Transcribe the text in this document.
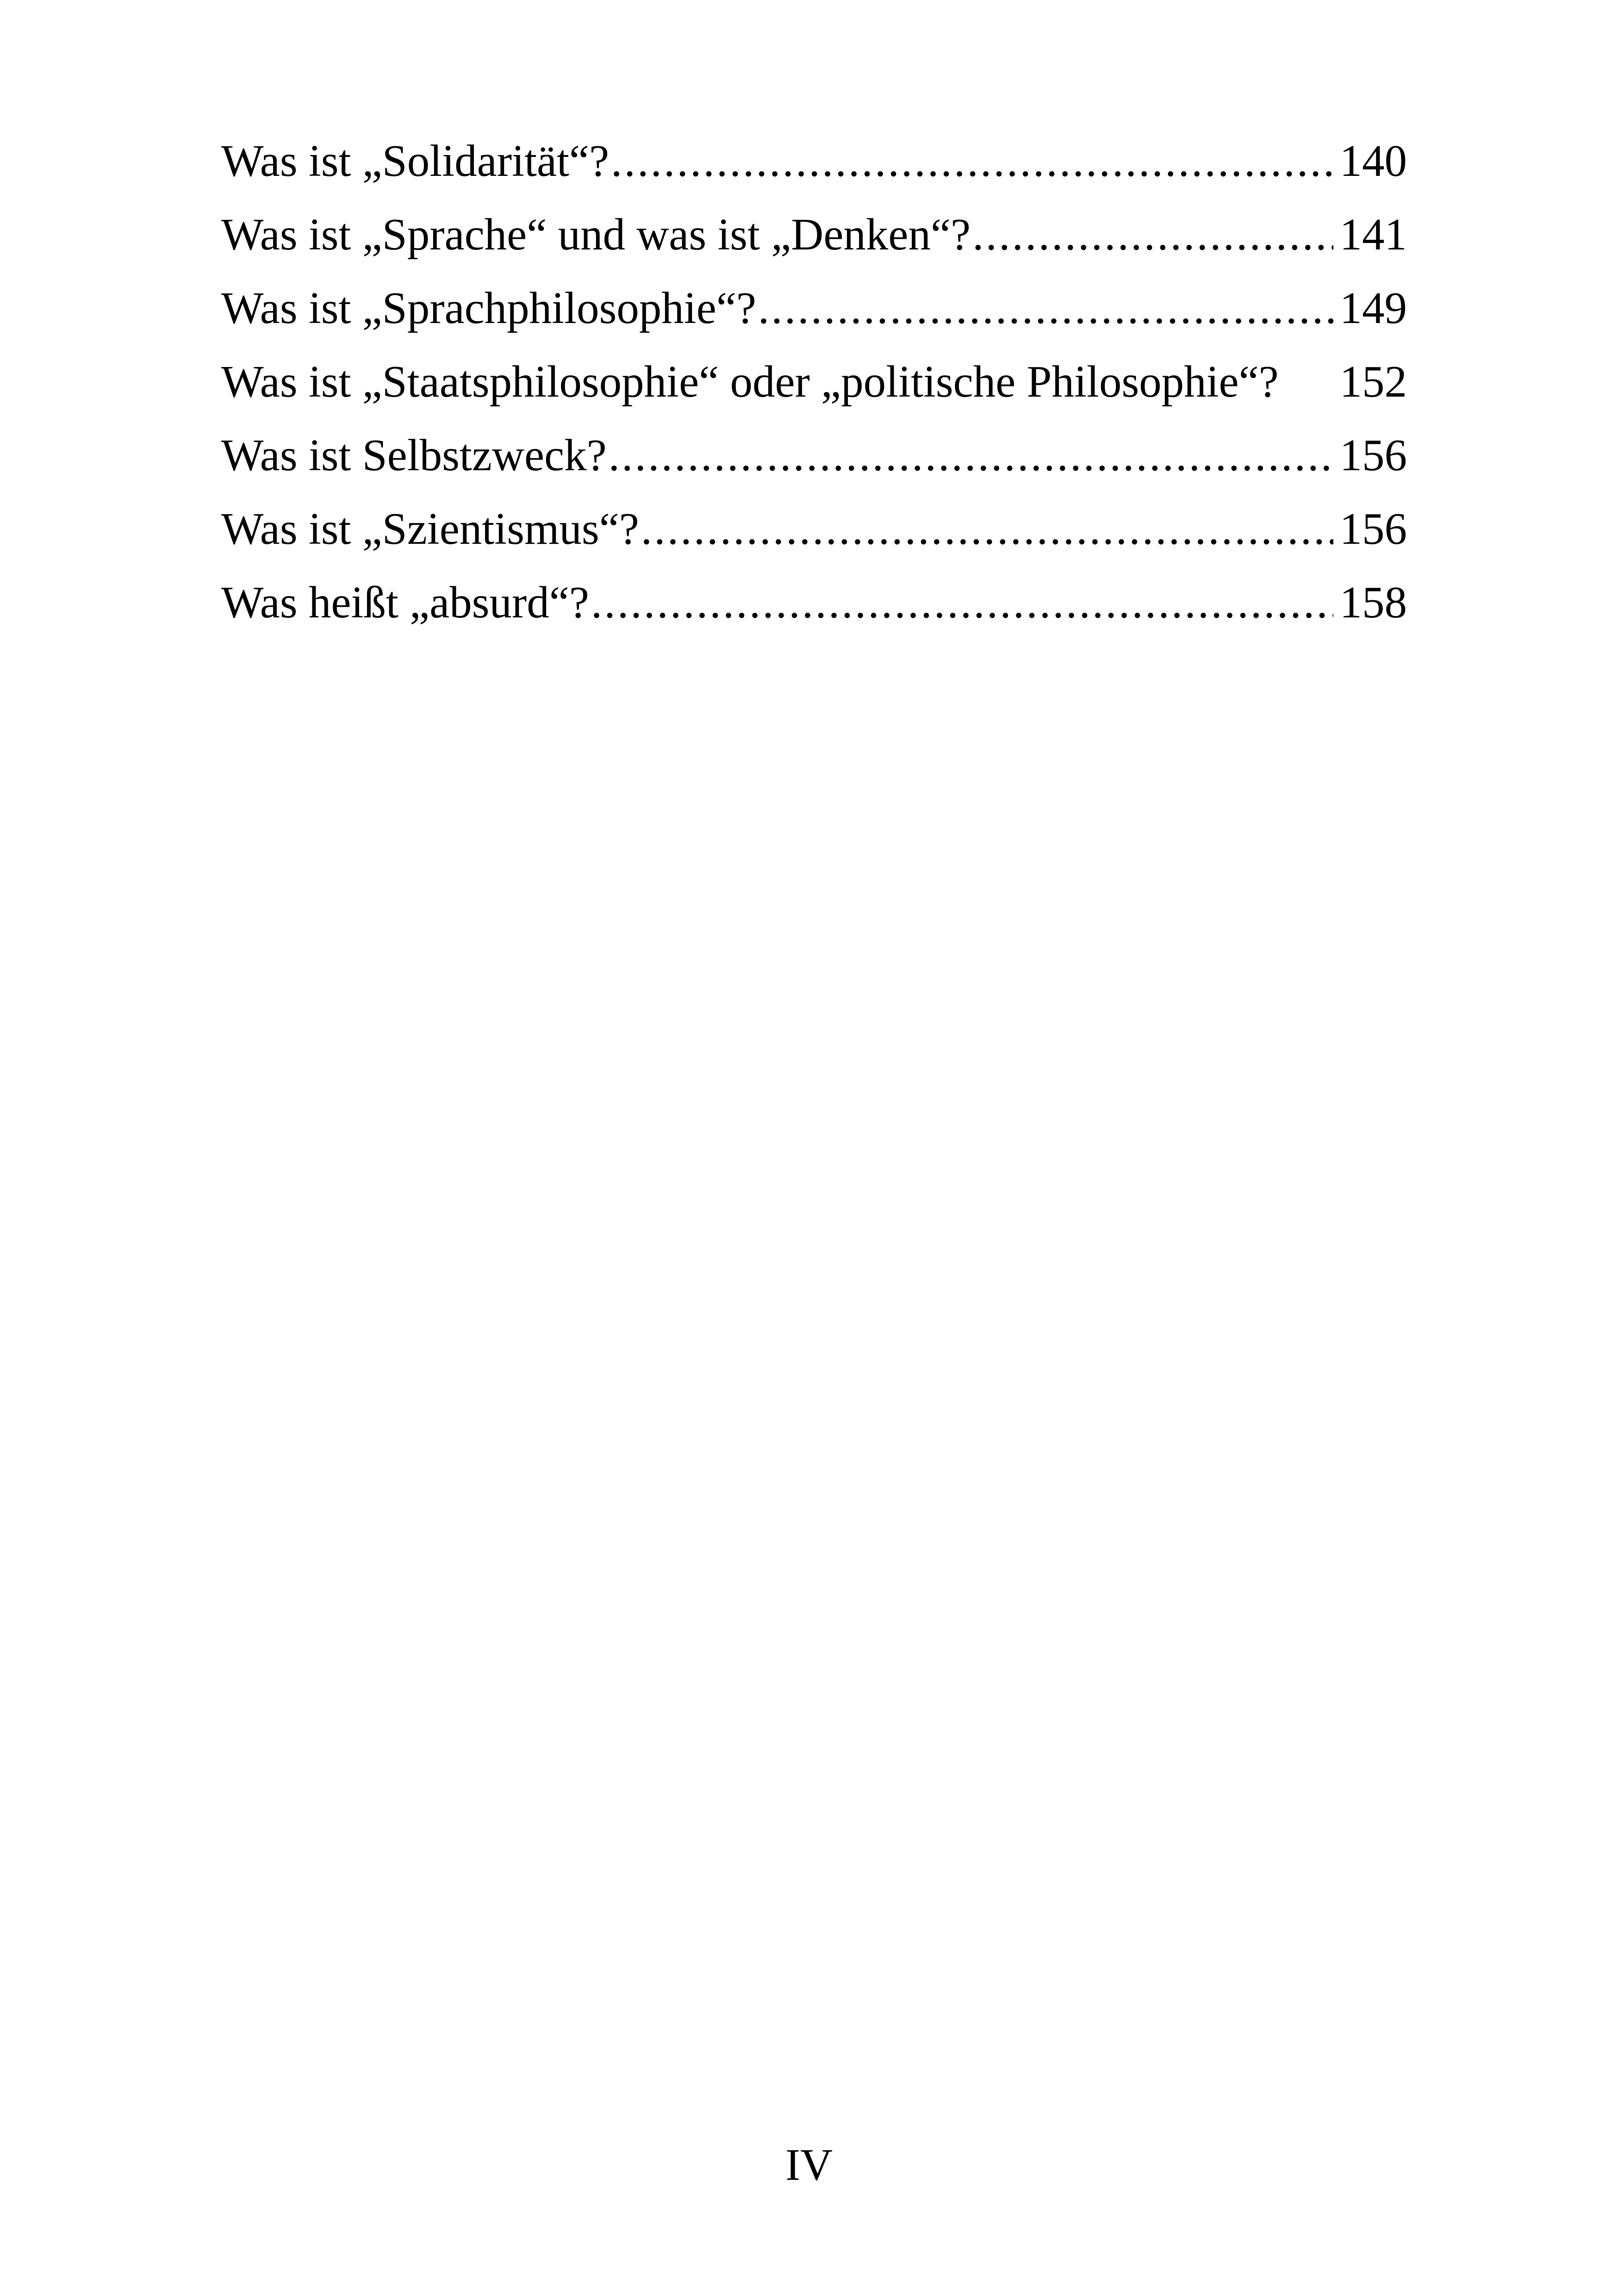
Was ist „Solidarität“? . . .	140
Was ist „Sprache“ und was ist „Denken“? . . .	141
Was ist „Sprachphilosophie“? . . .	149
Was ist „Staatsphilosophie“ oder „politische Philosophie“? 152
Was ist Selbstzweck? . . .	156
Was ist „Szientismus“? . . .	156
Was heißt „absurd“? . . .	158
IV
